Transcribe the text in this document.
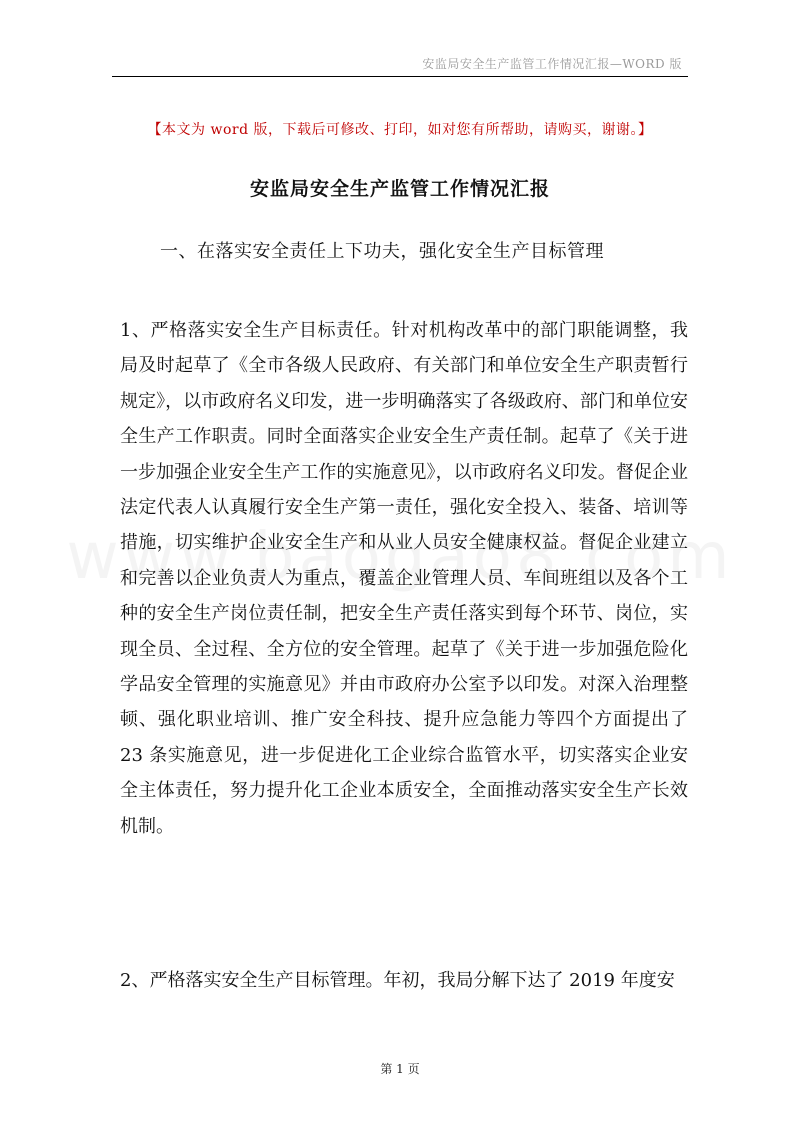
安监局安全生产监管工作情况汇报—WORD 版
【本文为 word 版，下载后可修改、打印，如对您有所帮助，请购买，谢谢。】
安监局安全生产监管工作情况汇报
一、在落实安全责任上下功夫，强化安全生产目标管理

1、严格落实安全生产目标责任。针对机构改革中的部门职能调整，我局及时起草了《全市各级人民政府、有关部门和单位安全生产职责暂行规定》，以市政府名义印发，进一步明确落实了各级政府、部门和单位安全生产工作职责。同时全面落实企业安全生产责任制。起草了《关于进一步加强企业安全生产工作的实施意见》，以市政府名义印发。督促企业法定代表人认真履行安全生产第一责任，强化安全投入、装备、培训等措施，切实维护企业安全生产和从业人员安全健康权益。督促企业建立和完善以企业负责人为重点，覆盖企业管理人员、车间班组以及各个工种的安全生产岗位责任制，把安全生产责任落实到每个环节、岗位，实现全员、全过程、全方位的安全管理。起草了《关于进一步加强危险化学品安全管理的实施意见》并由市政府办公室予以印发。对深入治理整顿、强化职业培训、推广安全科技、提升应急能力等四个方面提出了 23 条实施意见，进一步促进化工企业综合监管水平，切实落实企业安全主体责任，努力提升化工企业本质安全，全面推动落实安全生产长效机制。

2、严格落实安全生产目标管理。年初，我局分解下达了 2019 年度安

第 1 页
